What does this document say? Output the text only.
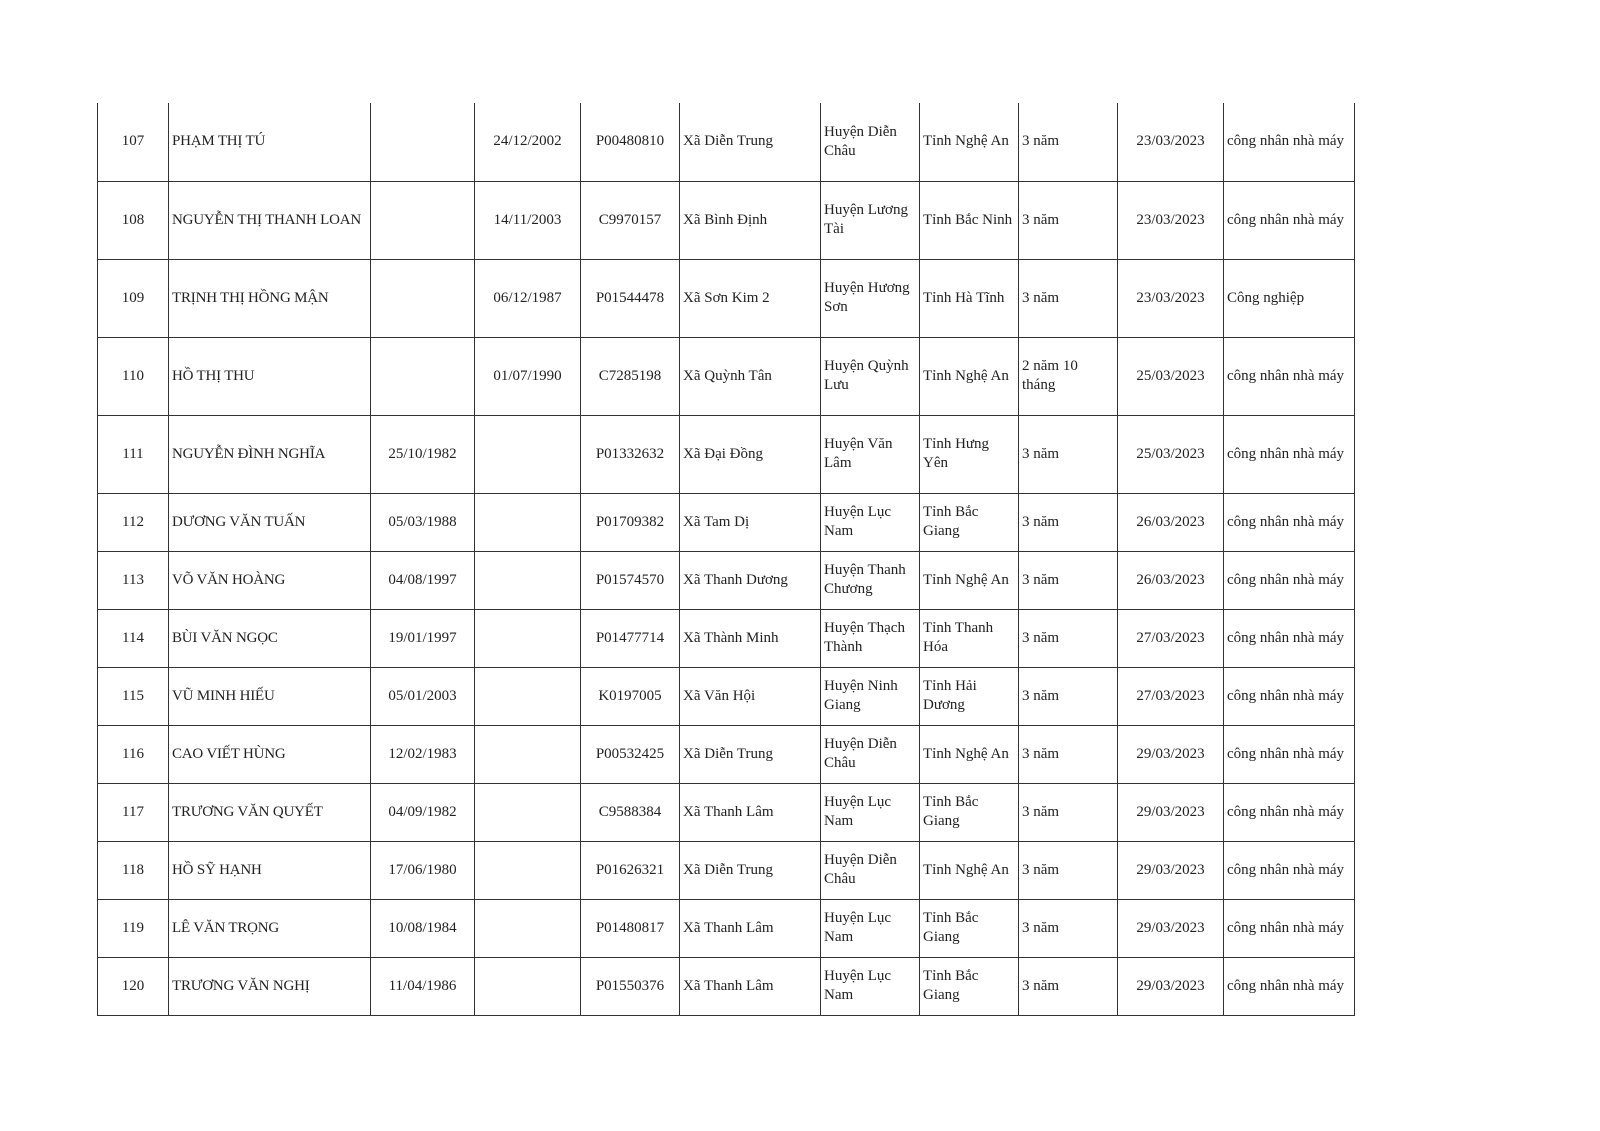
107	PHẠM THỊ TÚ		24/12/2002	P00480810	Xã Diễn Trung	Huyện Diễn Châu	Tỉnh Nghệ An	3 năm	23/03/2023	công nhân nhà máy
108	NGUYỄN THỊ THANH LOAN		14/11/2003	C9970157	Xã Bình Định	Huyện Lương Tài	Tỉnh Bắc Ninh	3 năm	23/03/2023	công nhân nhà máy
109	TRỊNH THỊ HỒNG MẬN		06/12/1987	P01544478	Xã Sơn Kim 2	Huyện Hương Sơn	Tỉnh Hà Tĩnh	3 năm	23/03/2023	Công nghiệp
110	HỒ THỊ THU		01/07/1990	C7285198	Xã Quỳnh Tân	Huyện Quỳnh Lưu	Tỉnh Nghệ An	2 năm 10 tháng	25/03/2023	công nhân nhà máy
111	NGUYỄN ĐÌNH NGHĨA	25/10/1982		P01332632	Xã Đại Đồng	Huyện Văn Lâm	Tỉnh Hưng Yên	3 năm	25/03/2023	công nhân nhà máy
112	DƯƠNG VĂN TUẤN	05/03/1988		P01709382	Xã Tam Dị	Huyện Lục Nam	Tỉnh Bắc Giang	3 năm	26/03/2023	công nhân nhà máy
113	VÕ VĂN HOÀNG	04/08/1997		P01574570	Xã Thanh Dương	Huyện Thanh Chương	Tỉnh Nghệ An	3 năm	26/03/2023	công nhân nhà máy
114	BÙI VĂN NGỌC	19/01/1997		P01477714	Xã Thành Minh	Huyện Thạch Thành	Tỉnh Thanh Hóa	3 năm	27/03/2023	công nhân nhà máy
115	VŨ MINH HIẾU	05/01/2003		K0197005	Xã Văn Hội	Huyện Ninh Giang	Tỉnh Hải Dương	3 năm	27/03/2023	công nhân nhà máy
116	CAO VIẾT HÙNG	12/02/1983		P00532425	Xã Diễn Trung	Huyện Diễn Châu	Tỉnh Nghệ An	3 năm	29/03/2023	công nhân nhà máy
117	TRƯƠNG VĂN QUYẾT	04/09/1982		C9588384	Xã Thanh Lâm	Huyện Lục Nam	Tỉnh Bắc Giang	3 năm	29/03/2023	công nhân nhà máy
118	HỒ SỸ HẠNH	17/06/1980		P01626321	Xã Diễn Trung	Huyện Diễn Châu	Tỉnh Nghệ An	3 năm	29/03/2023	công nhân nhà máy
119	LÊ VĂN TRỌNG	10/08/1984		P01480817	Xã Thanh Lâm	Huyện Lục Nam	Tỉnh Bắc Giang	3 năm	29/03/2023	công nhân nhà máy
120	TRƯƠNG VĂN NGHỊ	11/04/1986		P01550376	Xã Thanh Lâm	Huyện Lục Nam	Tỉnh Bắc Giang	3 năm	29/03/2023	công nhân nhà máy
